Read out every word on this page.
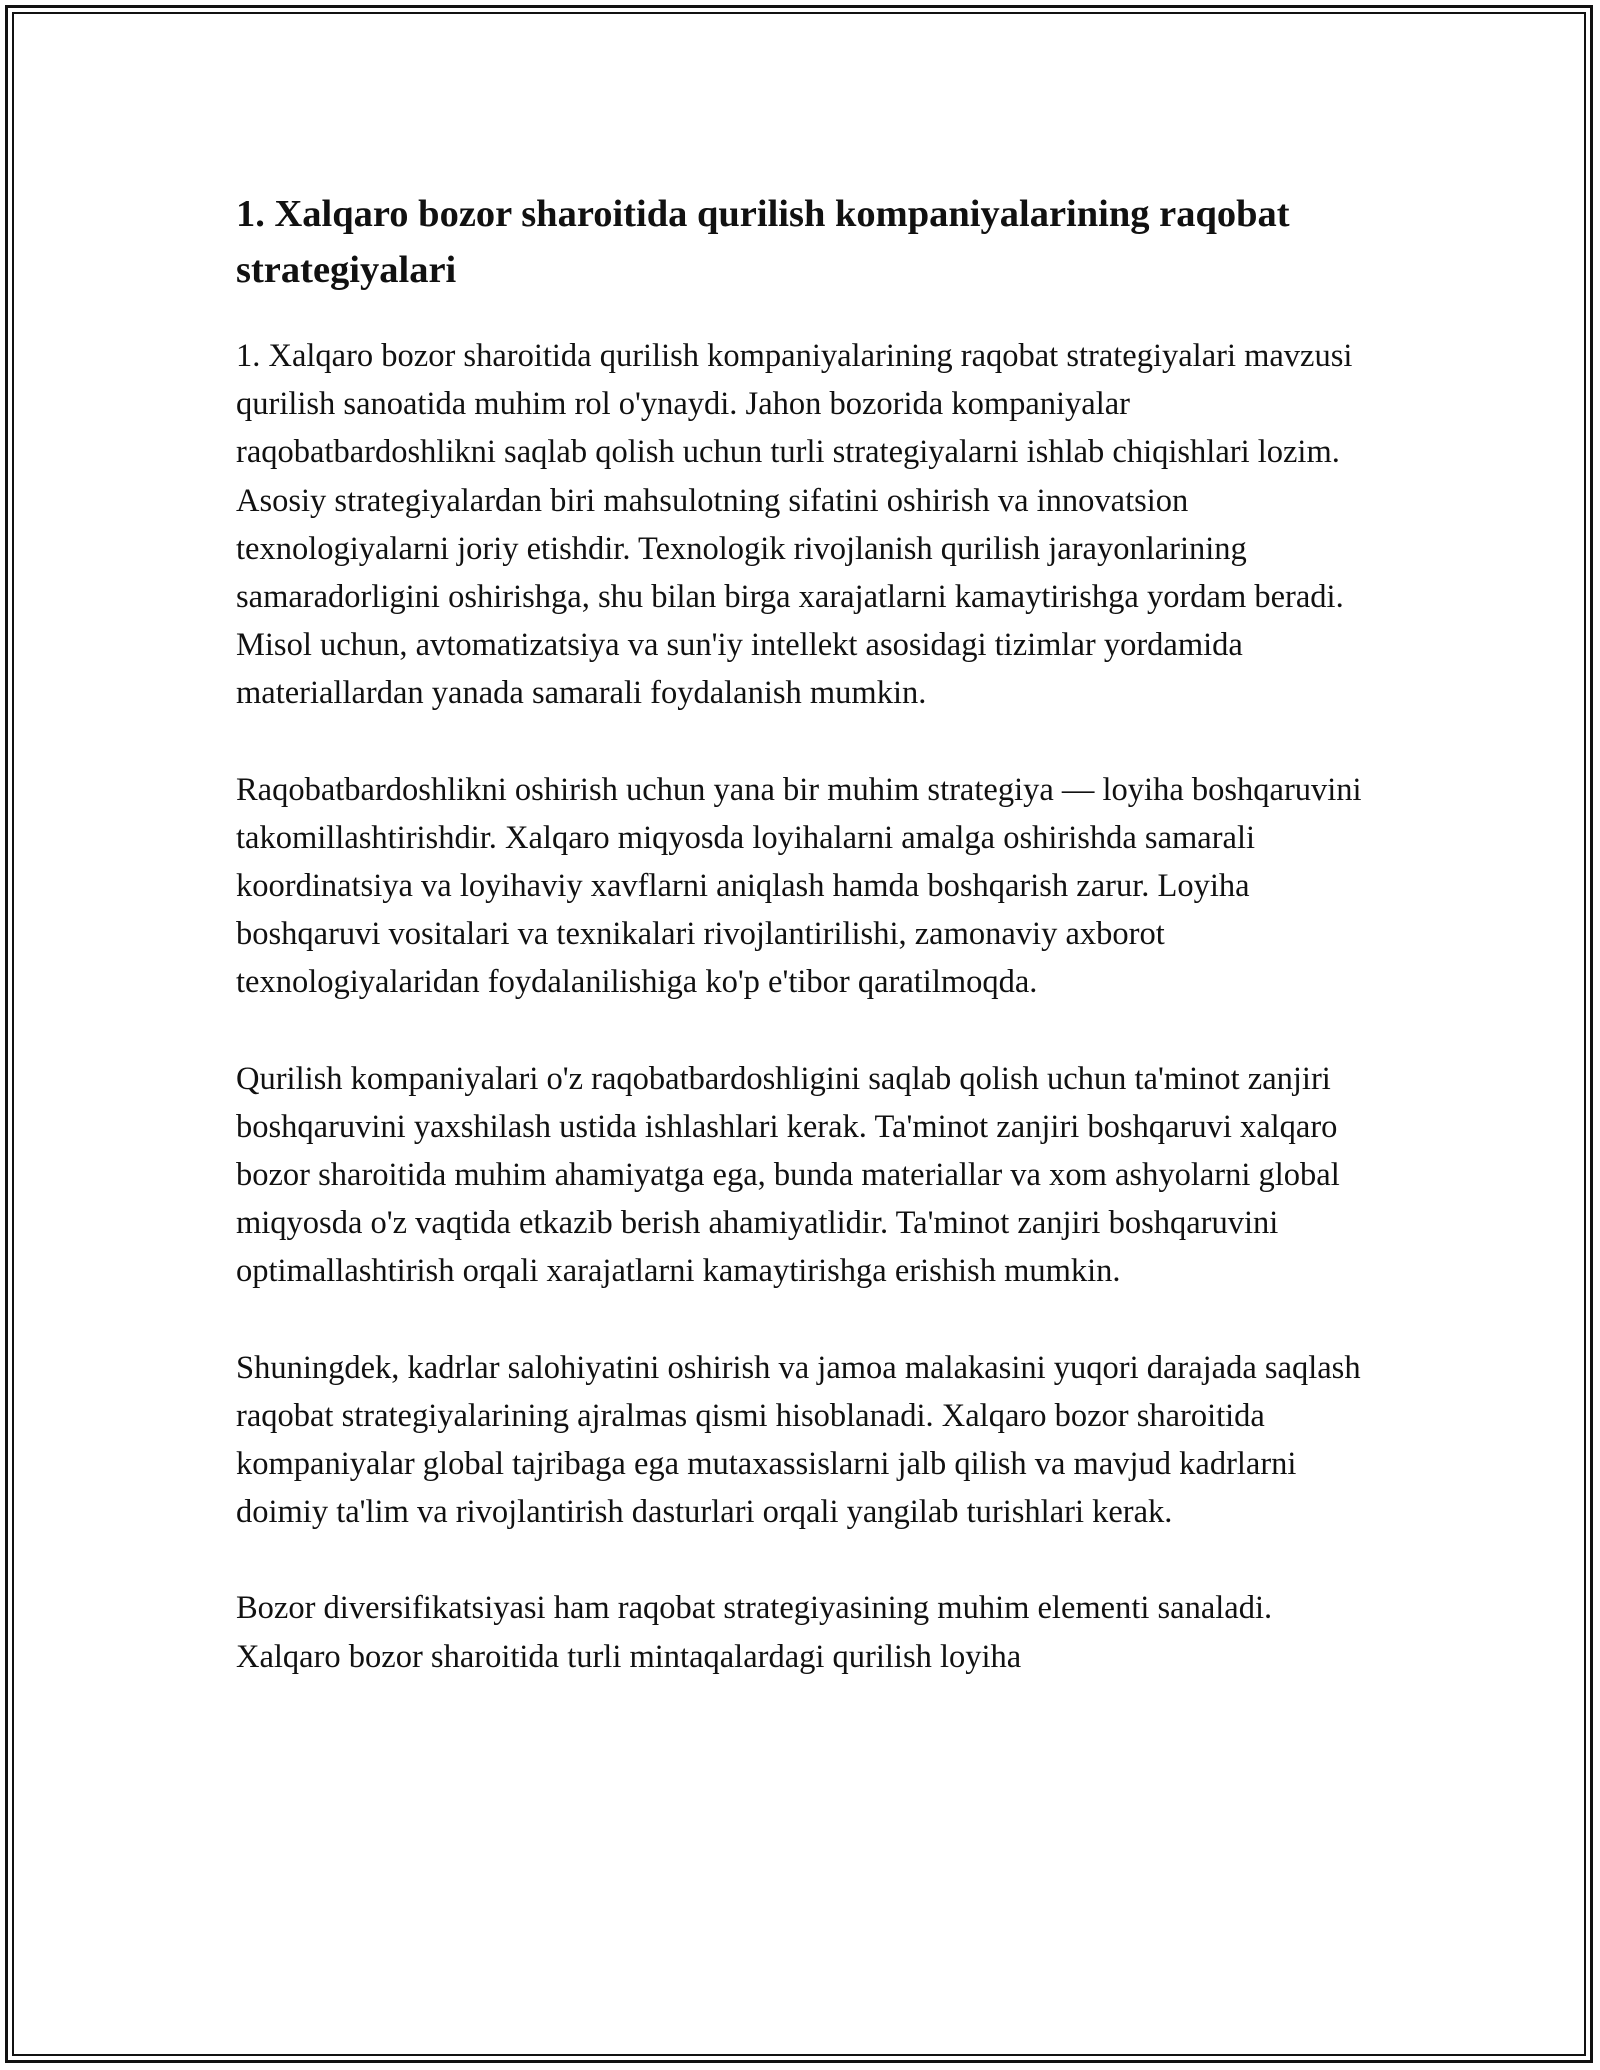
1. Xalqaro bozor sharoitida qurilish kompaniyalarining raqobat strategiyalari

1. Xalqaro bozor sharoitida qurilish kompaniyalarining raqobat strategiyalari mavzusi qurilish sanoatida muhim rol o'ynaydi. Jahon bozorida kompaniyalar raqobatbardoshlikni saqlab qolish uchun turli strategiyalarni ishlab chiqishlari lozim. Asosiy strategiyalardan biri mahsulotning sifatini oshirish va innovatsion texnologiyalarni joriy etishdir. Texnologik rivojlanish qurilish jarayonlarining samaradorligini oshirishga, shu bilan birga xarajatlarni kamaytirishga yordam beradi. Misol uchun, avtomatizatsiya va sun'iy intellekt asosidagi tizimlar yordamida materiallardan yanada samarali foydalanish mumkin.

Raqobatbardoshlikni oshirish uchun yana bir muhim strategiya — loyiha boshqaruvini takomillashtirishdir. Xalqaro miqyosda loyihalarni amalga oshirishda samarali koordinatsiya va loyihaviy xavflarni aniqlash hamda boshqarish zarur. Loyiha boshqaruvi vositalari va texnikalari rivojlantirilishi, zamonaviy axborot texnologiyalaridan foydalanilishiga ko'p e'tibor qaratilmoqda.

Qurilish kompaniyalari o'z raqobatbardoshligini saqlab qolish uchun ta'minot zanjiri boshqaruvini yaxshilash ustida ishlashlari kerak. Ta'minot zanjiri boshqaruvi xalqaro bozor sharoitida muhim ahamiyatga ega, bunda materiallar va xom ashyolarni global miqyosda o'z vaqtida etkazib berish ahamiyatlidir. Ta'minot zanjiri boshqaruvini optimallashtirish orqali xarajatlarni kamaytirishga erishish mumkin.

Shuningdek, kadrlar salohiyatini oshirish va jamoa malakasini yuqori darajada saqlash raqobat strategiyalarining ajralmas qismi hisoblanadi. Xalqaro bozor sharoitida kompaniyalar global tajribaga ega mutaxassislarni jalb qilish va mavjud kadrlarni doimiy ta'lim va rivojlantirish dasturlari orqali yangilab turishlari kerak.

Bozor diversifikatsiyasi ham raqobat strategiyasining muhim elementi sanaladi. Xalqaro bozor sharoitida turli mintaqalardagi qurilish loyiha
